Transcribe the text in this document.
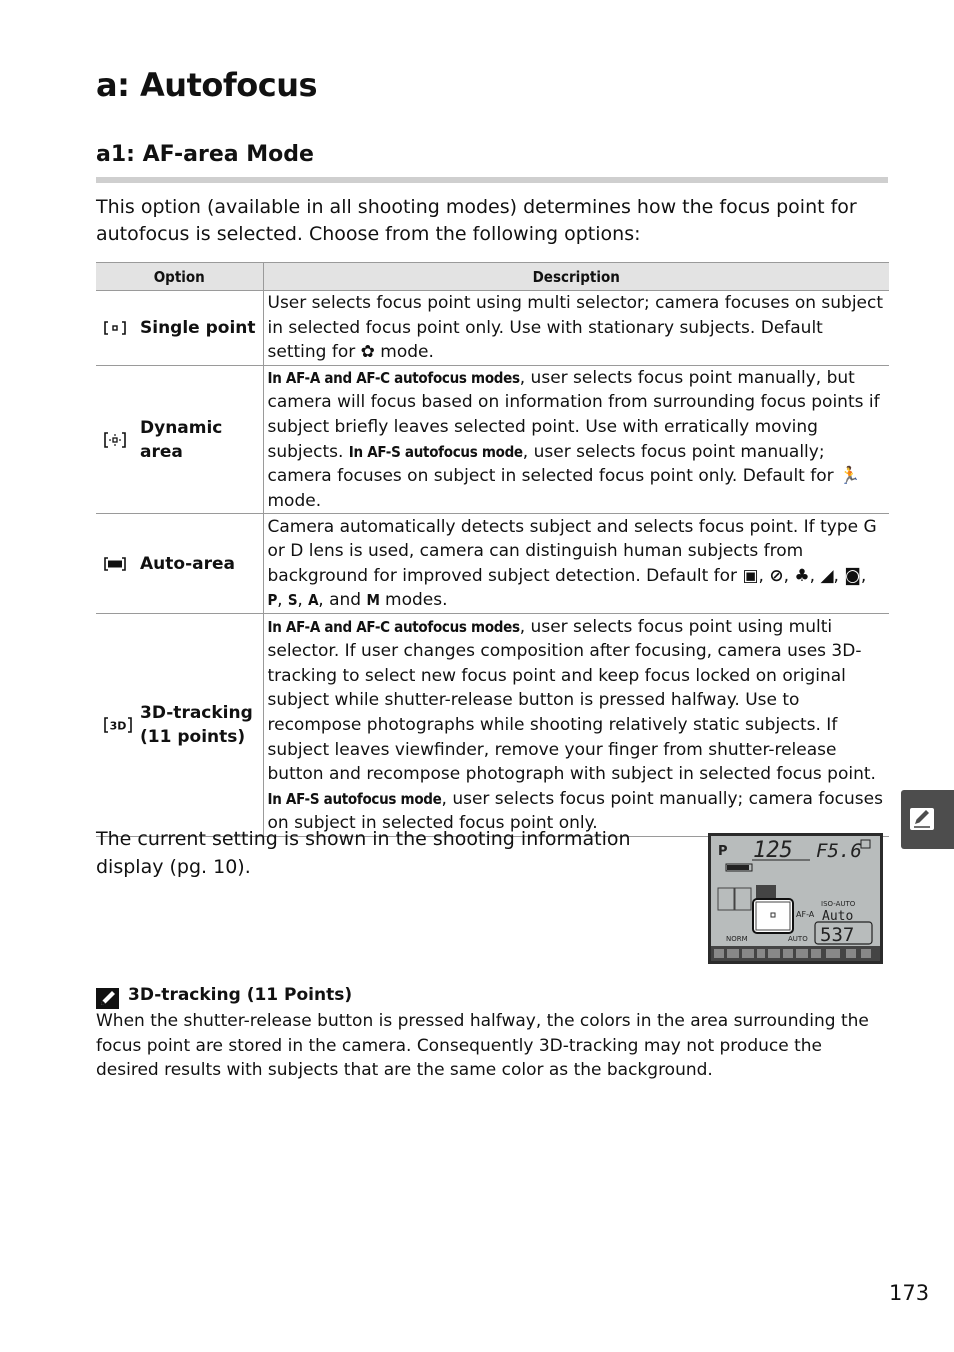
a: Autofocus
a1: AF-area Mode

This option (available in all shooting modes) determines how the focus point for autofocus is selected. Choose from the following options:

Option	Description

Single point	User selects focus point using multi selector; camera focuses on subject in selected focus point only. Use with stationary subjects. Default setting for ✿ mode.

Dynamic area	In AF-A and AF-C autofocus modes, user selects focus point manually, but camera will focus based on information from surrounding focus points if subject briefly leaves selected point. Use with erratically moving subjects. In AF-S autofocus mode, user selects focus point manually; camera focuses on subject in selected focus point only. Default for 🏃 mode.

Auto-area	Camera automatically detects subject and selects focus point. If type G or D lens is used, camera can distinguish human subjects from background for improved subject detection. Default for ▣, ⊘, ♣, ◢, ◙, P, S, A, and M modes.

3D
3D-tracking (11 points)	In AF-A and AF-C autofocus modes, user selects focus point using multi selector. If user changes composition after focusing, camera uses 3D-tracking to select new focus point and keep focus locked on original subject while shutter-release button is pressed halfway. Use to recompose photographs while shooting relatively static subjects. If subject leaves viewfinder, remove your finger from shutter-release button and recompose photograph with subject in selected focus point. In AF-S autofocus mode, user selects focus point manually; camera focuses on subject in selected focus point only.

The current setting is shown in the shooting information display (pg. 10).

P 125 F5.6
AF-A
ISO-AUTO
Auto
NORM	AUTO 537
3D-tracking (11 Points)

When the shutter-release button is pressed halfway, the colors in the area surrounding the focus point are stored in the camera. Consequently 3D-tracking may not produce the desired results with subjects that are the same color as the background.

173
